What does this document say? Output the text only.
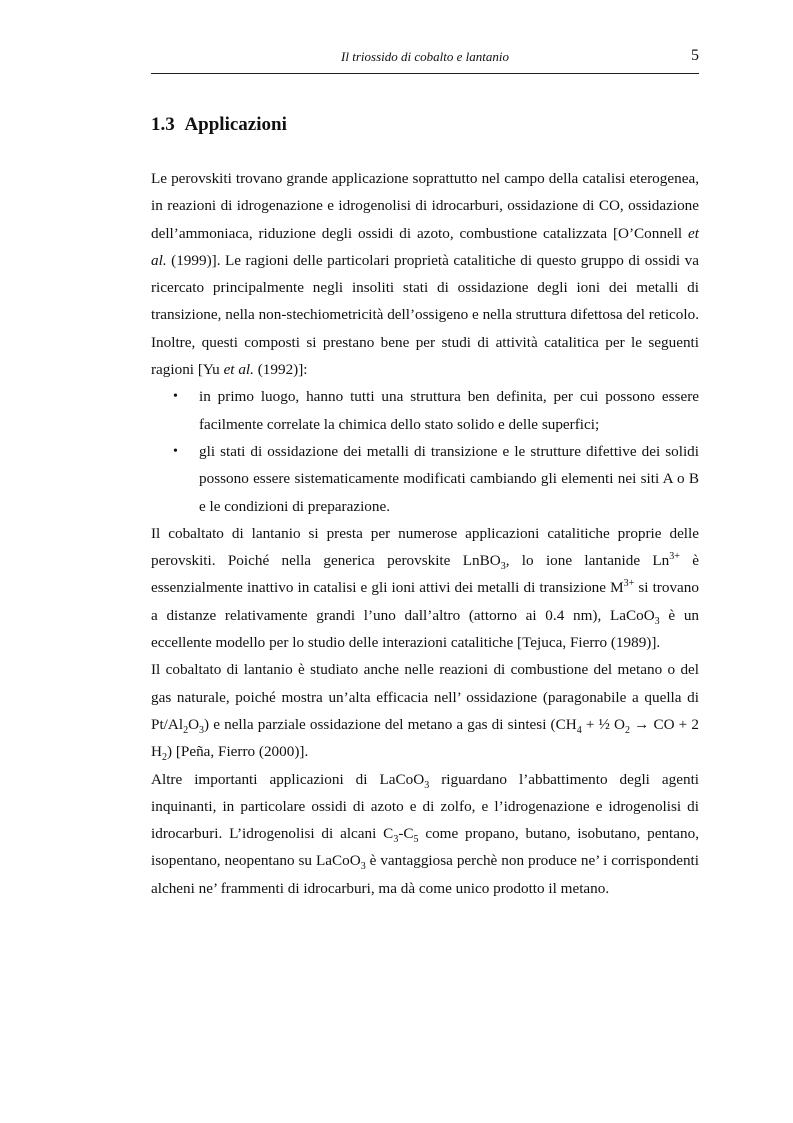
Il triossido di cobalto e lantanio	5
1.3 Applicazioni

Le perovskiti trovano grande applicazione soprattutto nel campo della catalisi eterogenea, in reazioni di idrogenazione e idrogenolisi di idrocarburi, ossidazione di CO, ossidazione dell’ammoniaca, riduzione degli ossidi di azoto, combustione catalizzata [O’Connell et al. (1999)]. Le ragioni delle particolari proprietà catalitiche di questo gruppo di ossidi va ricercato principalmente negli insoliti stati di ossidazione degli ioni dei metalli di transizione, nella non-stechiometricità dell’ossigeno e nella struttura difettosa del reticolo. Inoltre, questi composti si prestano bene per studi di attività catalitica per le seguenti ragioni [Yu et al. (1992)]:

• in primo luogo, hanno tutti una struttura ben definita, per cui possono essere facilmente correlate la chimica dello stato solido e delle superfici;
• gli stati di ossidazione dei metalli di transizione e le strutture difettive dei solidi possono essere sistematicamente modificati cambiando gli elementi nei siti A o B e le condizioni di preparazione.

Il cobaltato di lantanio si presta per numerose applicazioni catalitiche proprie delle perovskiti. Poiché nella generica perovskite LnBO$_3$, lo ione lantanide $Ln^{3+}$ è essenzialmente inattivo in catalisi e gli ioni attivi dei metalli di transizione $M^{3+}$ si trovano a distanze relativamente grandi l’uno dall’altro (attorno ai 0.4 nm), LaCoO$_3$ è un eccellente modello per lo studio delle interazioni catalitiche [Tejuca, Fierro (1989)].

Il cobaltato di lantanio è studiato anche nelle reazioni di combustione del metano o del gas naturale, poiché mostra un’alta efficacia nell’ ossidazione (paragonabile a quella di $Pt/Al_2O_3$) e nella parziale ossidazione del metano a gas di sintesi ($CH_4$ + ½ $O_2$ → CO + 2 $H_2$) [Peña, Fierro (2000)].

Altre importanti applicazioni di LaCoO$_3$ riguardano l’abbattimento degli agenti inquinanti, in particolare ossidi di azoto e di zolfo, e l’idrogenazione e idrogenolisi di idrocarburi. L’idrogenolisi di alcani $C_3-C_5$ come propano, butano, isobutano, pentano, isopentano, neopentano su LaCoO$_3$ è vantaggiosa perchè non produce ne’ i corrispondenti alcheni ne’ frammenti di idrocarburi, ma dà come unico prodotto il metano.
